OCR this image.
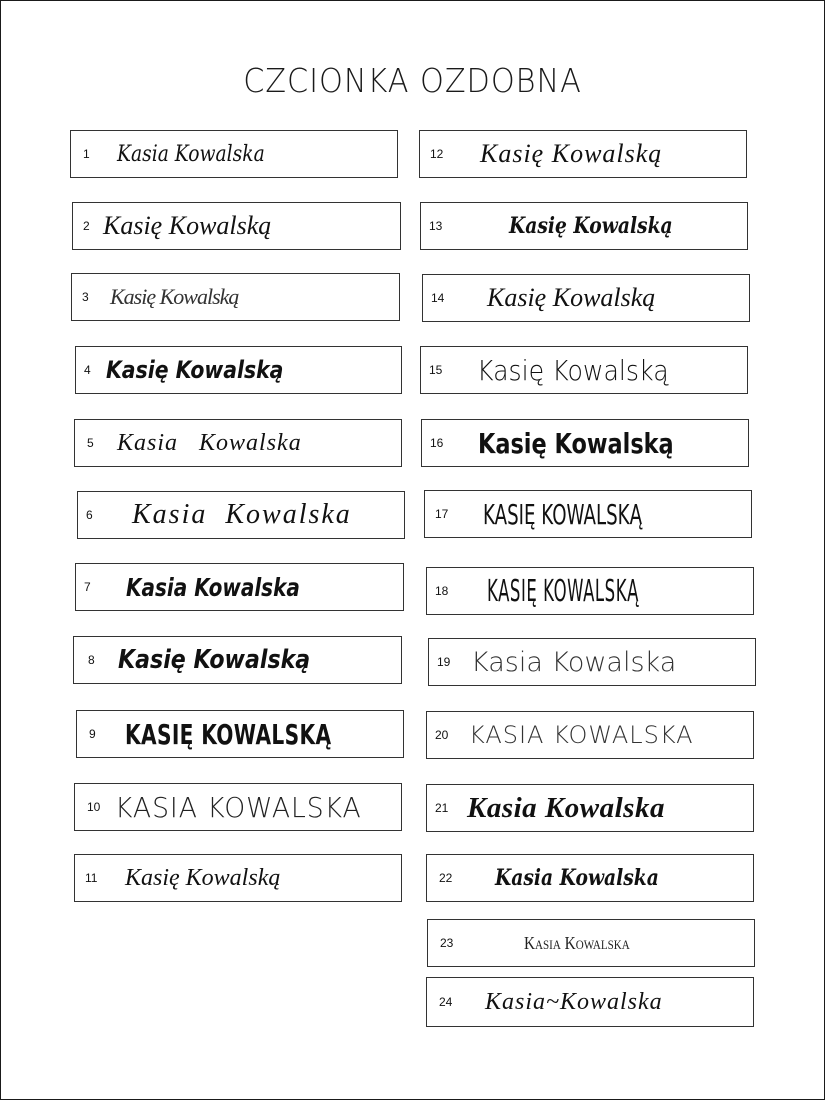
CZCIONKA OZDOBNA
1 Kasia Kowalska
2 Kasię Kowalską
3 Kasię Kowalską
4 Kasię Kowalską
5 Kasia   Kowalska
6 Kasia  Kowalska
7 Kasia Kowalska
8 Kasię Kowalską
9 KASIĘ KOWALSKĄ
10 KASIA KOWALSKA
11 Kasię Kowalską
12 Kasię Kowalską
13	Kasię Kowalską
14 Kasię Kowalską
15 Kasię Kowalską
16 Kasię Kowalską
17 KASIĘ KOWALSKĄ
18 KASIĘ KOWALSKĄ
19 Kasia Kowalska
20 KASIA KOWALSKA
21 Kasia Kowalska
22 Kasia Kowalska
23	Kasia Kowalska
24 Kasia~Kowalska
